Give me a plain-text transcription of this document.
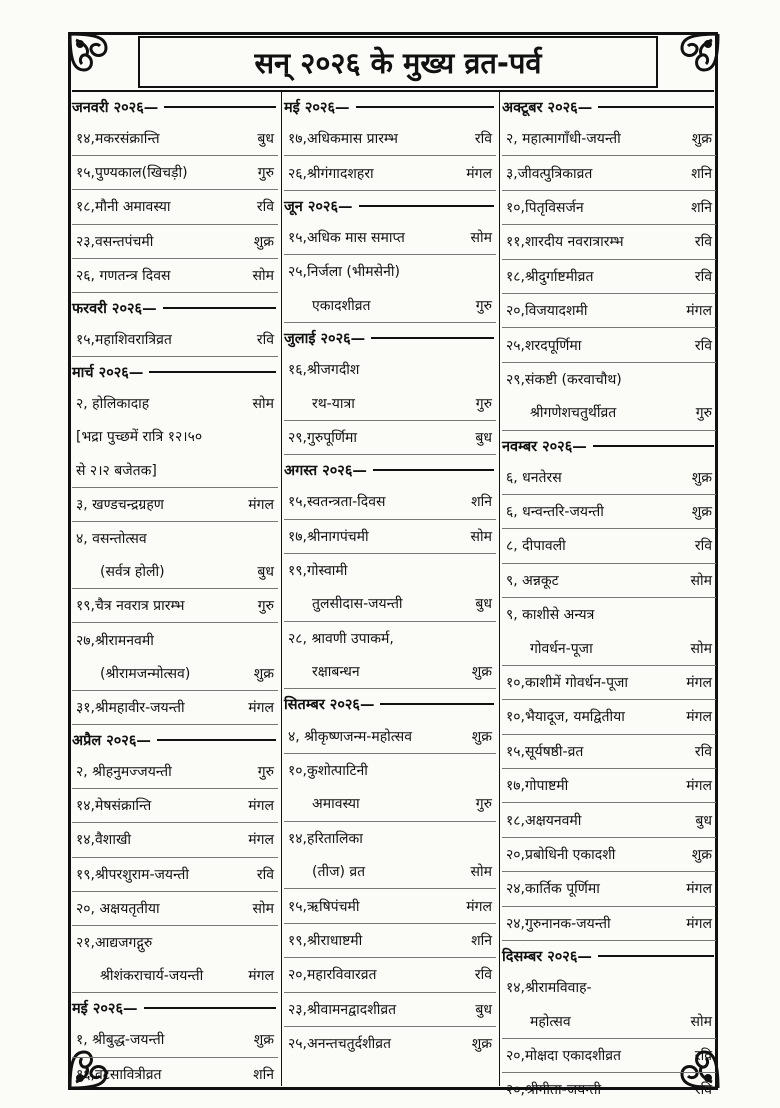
सन् २०२६ के मुख्य व्रत-पर्व
जनवरी २०२६—
१४,मकरसंक्रान्ति	बुध
१५,पुण्यकाल(खिचड़ी)	गुरु
१८,मौनी अमावस्या	रवि
२३,वसन्तपंचमी	शुक्र
२६, गणतन्त्र दिवस	सोम
फरवरी २०२६—
१५,महाशिवरात्रिव्रत	रवि
मार्च २०२६—
२, होलिकादाह	सोम
[भद्रा पुच्छमें रात्रि १२।५०
से २।२ बजेतक]
३, खण्डचन्द्रग्रहण	मंगल
४, वसन्तोत्सव
(सर्वत्र होली)	बुध
१९,चैत्र नवरात्र प्रारम्भ	गुरु
२७,श्रीरामनवमी
(श्रीरामजन्मोत्सव)	शुक्र
३१,श्रीमहावीर-जयन्ती	मंगल
अप्रैल २०२६—
२, श्रीहनुमज्जयन्ती	गुरु
१४,मेषसंक्रान्ति	मंगल
१४,वैशाखी	मंगल
१९,श्रीपरशुराम-जयन्ती	रवि
२०, अक्षयतृतीया	सोम
२१,आद्यजगद्गुरु
श्रीशंकराचार्य-जयन्ती	मंगल
मई २०२६—
१, श्रीबुद्ध-जयन्ती	शुक्र
१६,वटसावित्रीव्रत	शनि
मई २०२६—
१७,अधिकमास प्रारम्भ	रवि
२६,श्रीगंगादशहरा	मंगल
जून २०२६—
१५,अधिक मास समाप्त	सोम
२५,निर्जला (भीमसेनी)
एकादशीव्रत	गुरु
जुलाई २०२६—
१६,श्रीजगदीश
रथ-यात्रा	गुरु
२९,गुरुपूर्णिमा	बुध
अगस्त २०२६—
१५,स्वतन्त्रता-दिवस	शनि
१७,श्रीनागपंचमी	सोम
१९,गोस्वामी
तुलसीदास-जयन्ती	बुध
२८, श्रावणी उपाकर्म,
रक्षाबन्धन	शुक्र
सितम्बर २०२६—
४, श्रीकृष्णजन्म-महोत्सव	शुक्र
१०,कुशोत्पाटिनी
अमावस्या	गुरु
१४,हरितालिका
(तीज) व्रत	सोम
१५,ऋषिपंचमी	मंगल
१९,श्रीराधाष्टमी	शनि
२०,महारविवारव्रत	रवि
२३,श्रीवामनद्वादशीव्रत	बुध
२५,अनन्तचतुर्दशीव्रत	शुक्र
अक्टूबर २०२६—
२, महात्मागाँधी-जयन्ती	शुक्र
३,जीवत्पुत्रिकाव्रत	शनि
१०,पितृविसर्जन	शनि
११,शारदीय नवरात्रारम्भ	रवि
१८,श्रीदुर्गाष्टमीव्रत	रवि
२०,विजयादशमी	मंगल
२५,शरदपूर्णिमा	रवि
२९,संकष्टी (करवाचौथ)
श्रीगणेशचतुर्थीव्रत	गुरु
नवम्बर २०२६—
६, धनतेरस	शुक्र
६, धन्वन्तरि-जयन्ती	शुक्र
८, दीपावली	रवि
९, अन्नकूट	सोम
९, काशीसे अन्यत्र
गोवर्धन-पूजा	सोम
१०,काशीमें गोवर्धन-पूजा	मंगल
१०,भैयादूज, यमद्वितीया	मंगल
१५,सूर्यषष्ठी-व्रत	रवि
१७,गोपाष्टमी	मंगल
१८,अक्षयनवमी	बुध
२०,प्रबोधिनी एकादशी	शुक्र
२४,कार्तिक पूर्णिमा	मंगल
२४,गुरुनानक-जयन्ती	मंगल
दिसम्बर २०२६—
१४,श्रीरामविवाह-
महोत्सव	सोम
२०,मोक्षदा एकादशीव्रत	रवि
२०,श्रीगीता-जयन्ती	रवि
